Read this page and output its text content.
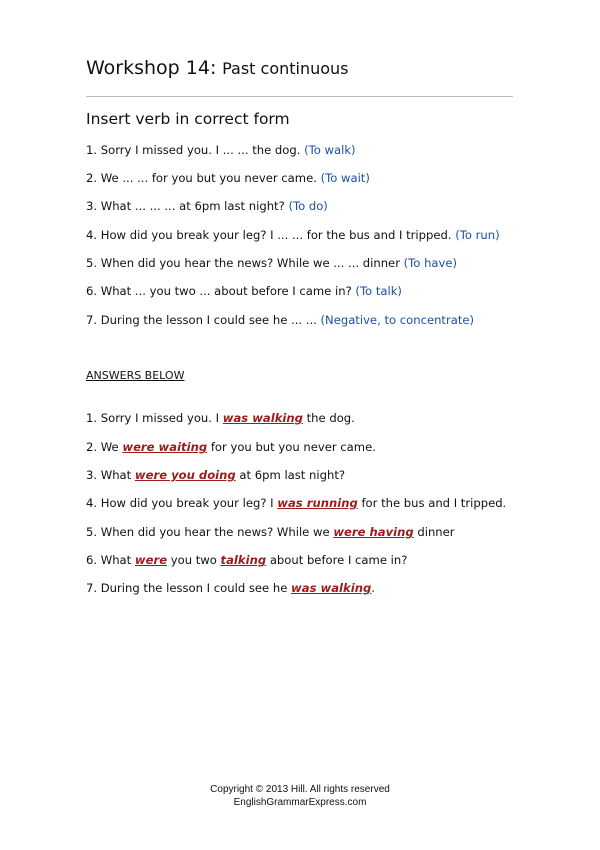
Workshop 14: Past continuous
Insert verb in correct form
1. Sorry I missed you. I ... ... the dog. (To walk)
2. We ... ... for you but you never came. (To wait)
3. What ... ... ... at 6pm last night? (To do)
4. How did you break your leg? I ... ... for the bus and I tripped. (To run)
5. When did you hear the news? While we ... ... dinner (To have)
6. What ... you two ... about before I came in? (To talk)
7. During the lesson I could see he ... ... (Negative, to concentrate)
ANSWERS BELOW
1. Sorry I missed you. I was walking the dog.
2. We were waiting for you but you never came.
3. What were you doing at 6pm last night?
4. How did you break your leg? I was running for the bus and I tripped.
5. When did you hear the news? While we were having dinner
6. What were you two talking about before I came in?
7. During the lesson I could see he was walking.
Copyright © 2013 Hill. All rights reserved
EnglishGrammarExpress.com
